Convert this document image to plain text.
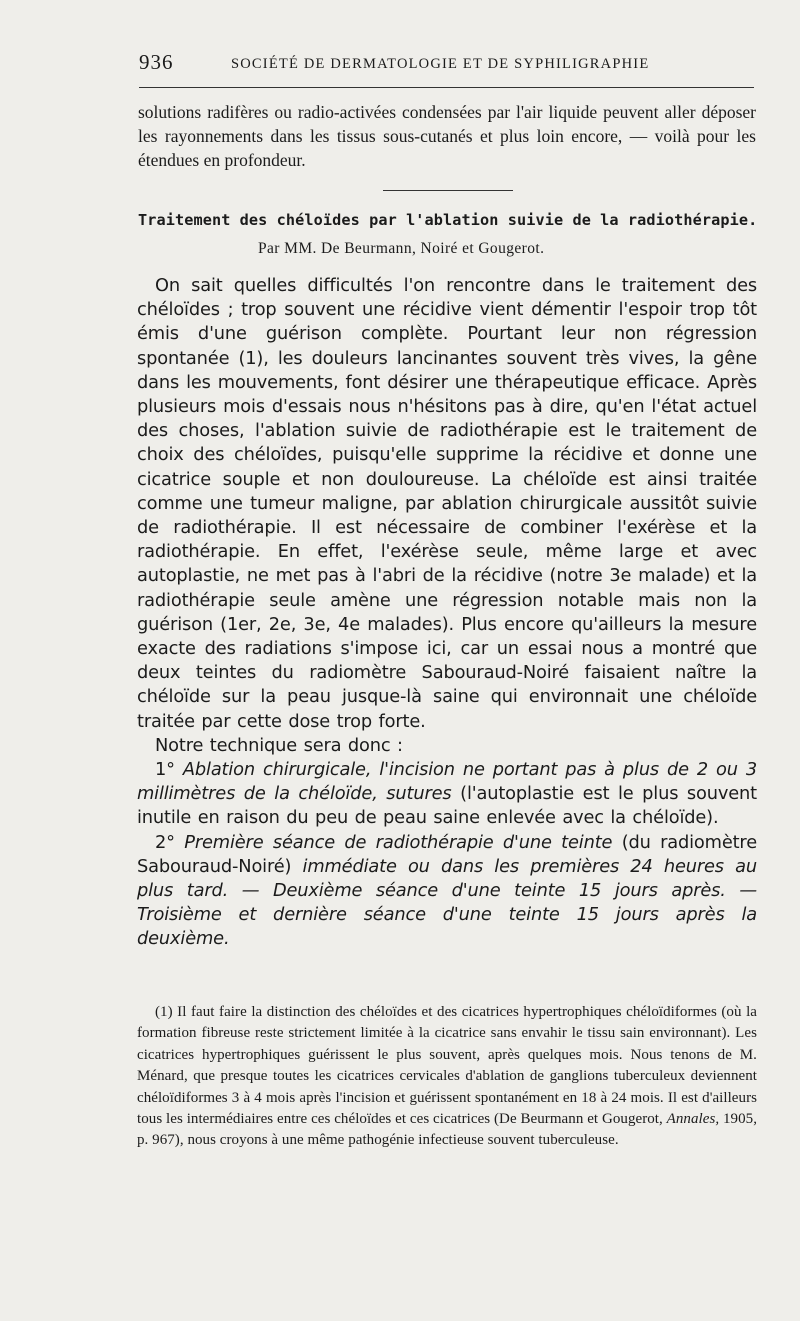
936	SOCIÉTÉ DE DERMATOLOGIE ET DE SYPHILIGRAPHIE

solutions radifères ou radio-activées condensées par l'air liquide peuvent aller déposer les rayonnements dans les tissus sous-cutanés et plus loin encore, — voilà pour les étendues en profondeur.

Traitement des chéloïdes par l'ablation suivie de la radiothérapie.
Par MM. De Beurmann, Noiré et Gougerot.

On sait quelles difficultés l'on rencontre dans le traitement des chéloïdes ; trop souvent une récidive vient démentir l'espoir trop tôt émis d'une guérison complète. Pourtant leur non régression spontanée (1), les douleurs lancinantes souvent très vives, la gêne dans les mouvements, font désirer une thérapeutique efficace. Après plusieurs mois d'essais nous n'hésitons pas à dire, qu'en l'état actuel des choses, l'ablation suivie de radiothérapie est le traitement de choix des chéloïdes, puisqu'elle supprime la récidive et donne une cicatrice souple et non douloureuse. La chéloïde est ainsi traitée comme une tumeur maligne, par ablation chirurgicale aussitôt suivie de radiothérapie. Il est nécessaire de combiner l'exérèse et la radiothérapie. En effet, l'exérèse seule, même large et avec autoplastie, ne met pas à l'abri de la récidive (notre 3e malade) et la radiothérapie seule amène une régression notable mais non la guérison (1er, 2e, 3e, 4e malades). Plus encore qu'ailleurs la mesure exacte des radiations s'impose ici, car un essai nous a montré que deux teintes du radiomètre Sabouraud-Noiré faisaient naître la chéloïde sur la peau jusque-là saine qui environnait une chéloïde traitée par cette dose trop forte.

Notre technique sera donc :

1° Ablation chirurgicale, l'incision ne portant pas à plus de 2 ou 3 millimètres de la chéloïde, sutures (l'autoplastie est le plus souvent inutile en raison du peu de peau saine enlevée avec la chéloïde).

2° Première séance de radiothérapie d'une teinte (du radiomètre Sabouraud-Noiré) immédiate ou dans les premières 24 heures au plus tard. — Deuxième séance d'une teinte 15 jours après. — Troisième et dernière séance d'une teinte 15 jours après la deuxième.

(1) Il faut faire la distinction des chéloïdes et des cicatrices hypertrophiques chéloïdiformes (où la formation fibreuse reste strictement limitée à la cicatrice sans envahir le tissu sain environnant). Les cicatrices hypertrophiques guérissent le plus souvent, après quelques mois. Nous tenons de M. Ménard, que presque toutes les cicatrices cervicales d'ablation de ganglions tuberculeux deviennent chéloïdiformes 3 à 4 mois après l'incision et guérissent spontanément en 18 à 24 mois. Il est d'ailleurs tous les intermédiaires entre ces chéloïdes et ces cicatrices (De Beurmann et Gougerot, Annales, 1905, p. 967), nous croyons à une même pathogénie infectieuse souvent tuberculeuse.
